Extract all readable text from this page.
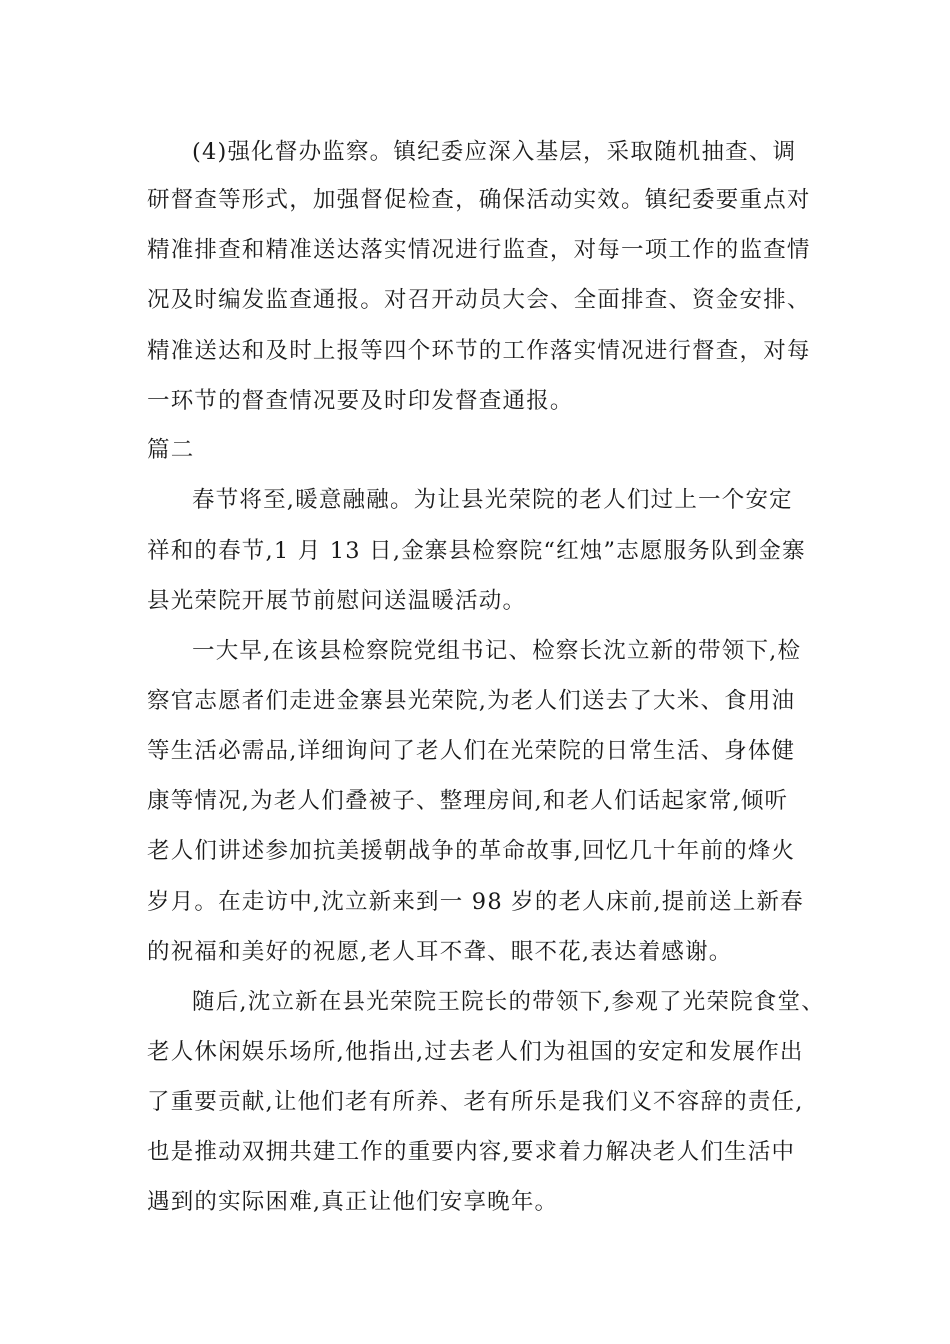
(4)强化督办监察。镇纪委应深入基层，采取随机抽查、调
研督查等形式，加强督促检查，确保活动实效。镇纪委要重点对
精准排查和精准送达落实情况进行监查，对每一项工作的监查情
况及时编发监查通报。对召开动员大会、全面排查、资金安排、
精准送达和及时上报等四个环节的工作落实情况进行督查，对每
一环节的督查情况要及时印发督查通报。
篇二
春节将至,暖意融融。为让县光荣院的老人们过上一个安定
祥和的春节,1 月 13 日,金寨县检察院“红烛”志愿服务队到金寨
县光荣院开展节前慰问送温暖活动。
一大早,在该县检察院党组书记、检察长沈立新的带领下,检
察官志愿者们走进金寨县光荣院,为老人们送去了大米、食用油
等生活必需品,详细询问了老人们在光荣院的日常生活、身体健
康等情况,为老人们叠被子、整理房间,和老人们话起家常,倾听
老人们讲述参加抗美援朝战争的革命故事,回忆几十年前的烽火
岁月。在走访中,沈立新来到一 98 岁的老人床前,提前送上新春
的祝福和美好的祝愿,老人耳不聋、眼不花,表达着感谢。
随后,沈立新在县光荣院王院长的带领下,参观了光荣院食堂、
老人休闲娱乐场所,他指出,过去老人们为祖国的安定和发展作出
了重要贡献,让他们老有所养、老有所乐是我们义不容辞的责任,
也是推动双拥共建工作的重要内容,要求着力解决老人们生活中
遇到的实际困难,真正让他们安享晚年。
